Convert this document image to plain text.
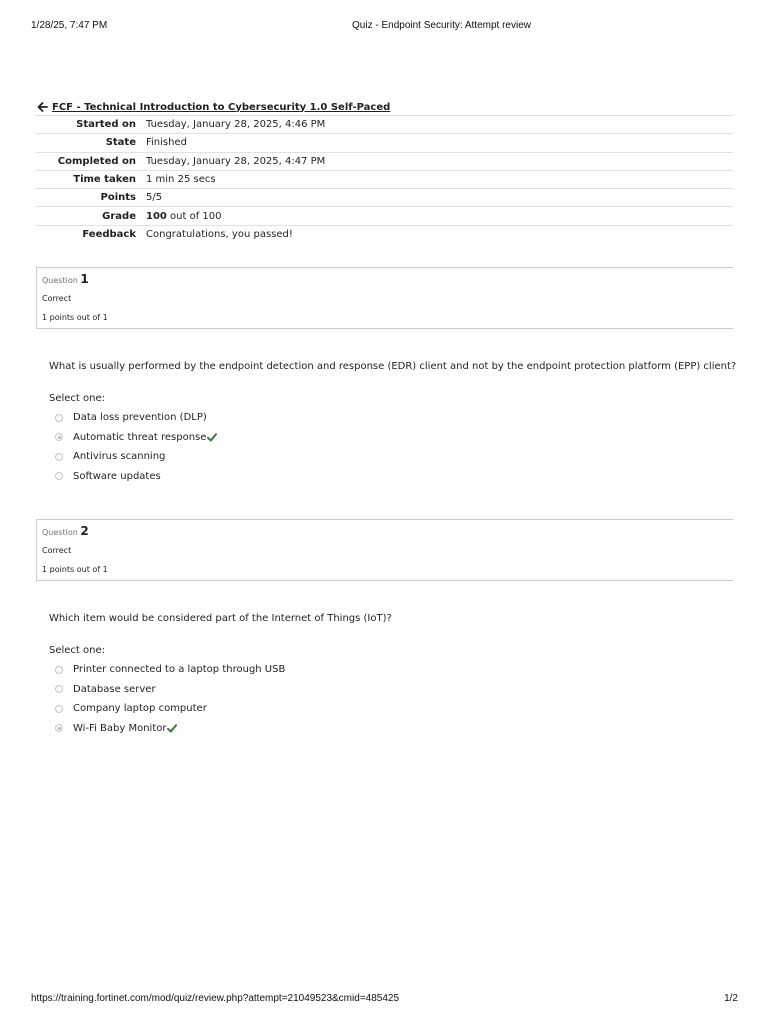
1/28/25, 7:47 PM	Quiz - Endpoint Security: Attempt review
FCF - Technical Introduction to Cybersecurity 1.0 Self-Paced
Started on	Tuesday, January 28, 2025, 4:46 PM
State	Finished
Completed on	Tuesday, January 28, 2025, 4:47 PM
Time taken	1 min 25 secs
Points	5/5
Grade	100 out of 100
Feedback	Congratulations, you passed!
Question 1
Correct
1 points out of 1
What is usually performed by the endpoint detection and response (EDR) client and not by the endpoint protection platform (EPP) client?
Select one:
Data loss prevention (DLP)
Automatic threat response
Antivirus scanning
Software updates
Question 2
Correct
1 points out of 1
Which item would be considered part of the Internet of Things (IoT)?
Select one:
Printer connected to a laptop through USB
Database server
Company laptop computer
Wi-Fi Baby Monitor
https://training.fortinet.com/mod/quiz/review.php?attempt=21049523&cmid=485425	1/2
